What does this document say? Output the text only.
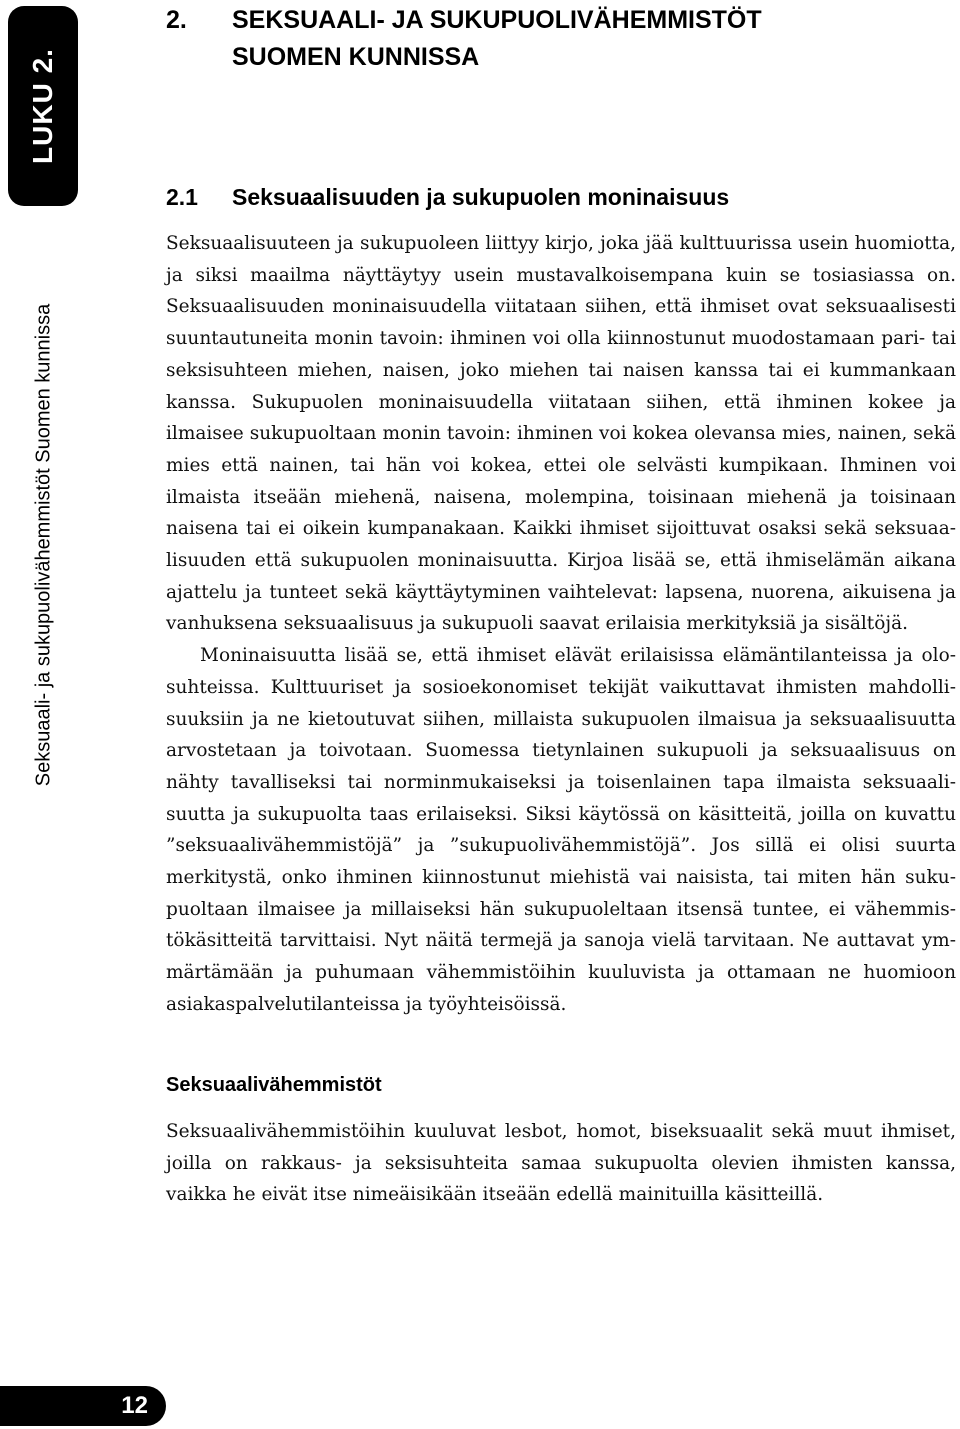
LUKU 2.
Seksuaali- ja sukupuolivähemmistöt Suomen kunnissa
2. SEKSUAALI- JA SUKUPUOLIVÄHEMMISTÖT SUOMEN KUNNISSA
2.1 Seksuaalisuuden ja sukupuolen moninaisuus

Seksuaalisuuteen ja sukupuoleen liittyy kirjo, joka jää kulttuurissa usein huomiotta, ja siksi maailma näyttäytyy usein mustavalkoisempana kuin se tosiasiassa on. Seksuaalisuuden moninaisuudella viitataan siihen, että ihmiset ovat seksuaalisesti suuntautuneita monin tavoin: ihminen voi olla kiinnostunut muodostamaan pari- tai seksisuhteen miehen, naisen, joko miehen tai naisen kanssa tai ei kummankaan kanssa. Sukupuolen moninaisuudella viitataan siihen, että ihminen kokee ja ilmaisee sukupuoltaan monin tavoin: ihminen voi kokea olevansa mies, nainen, sekä mies että nainen, tai hän voi kokea, ettei ole selvästi kumpikaan. Ihminen voi ilmaista itseään miehenä, naisena, molempina, toisinaan miehenä ja toisinaan naisena tai ei oikein kumpanakaan. Kaikki ihmiset sijoittuvat osaksi sekä seksuaalisuuden että sukupuolen moninaisuutta. Kirjoa lisää se, että ihmiselämän aikana ajattelu ja tunteet sekä käyttäytyminen vaihtelevat: lapsena, nuorena, aikuisena ja vanhuksena seksuaalisuus ja sukupuoli saavat erilaisia merkityksiä ja sisältöjä.

Moninaisuutta lisää se, että ihmiset elävät erilaisissa elämäntilanteissa ja olosuhteissa. Kulttuuriset ja sosioekonomiset tekijät vaikuttavat ihmisten mahdollisuuksiin ja ne kietoutuvat siihen, millaista sukupuolen ilmaisua ja seksuaalisuutta arvostetaan ja toivotaan. Suomessa tietynlainen sukupuoli ja seksuaalisuus on nähty tavalliseksi tai norminmukaiseksi ja toisenlainen tapa ilmaista seksuaalisuutta ja sukupuolta taas erilaiseksi. Siksi käytössä on käsitteitä, joilla on kuvattu ”seksuaalivähemmistöjä” ja ”sukupuolivähemmistöjä”. Jos sillä ei olisi suurta merkitystä, onko ihminen kiinnostunut miehistä vai naisista, tai miten hän sukupuoltaan ilmaisee ja millaiseksi hän sukupuoleltaan itsensä tuntee, ei vähemmistökäsitteitä tarvittaisi. Nyt näitä termejä ja sanoja vielä tarvitaan. Ne auttavat ymmärtämään ja puhumaan vähemmistöihin kuuluvista ja ottamaan ne huomioon asiakaspalvelutilanteissa ja työyhteisöissä.

Seksuaalivähemmistöt

Seksuaalivähemmistöihin kuuluvat lesbot, homot, biseksuaalit sekä muut ihmiset, joilla on rakkaus- ja seksisuhteita samaa sukupuolta olevien ihmisten kanssa, vaikka he eivät itse nimeäisikään itseään edellä mainituilla käsitteillä.

12
